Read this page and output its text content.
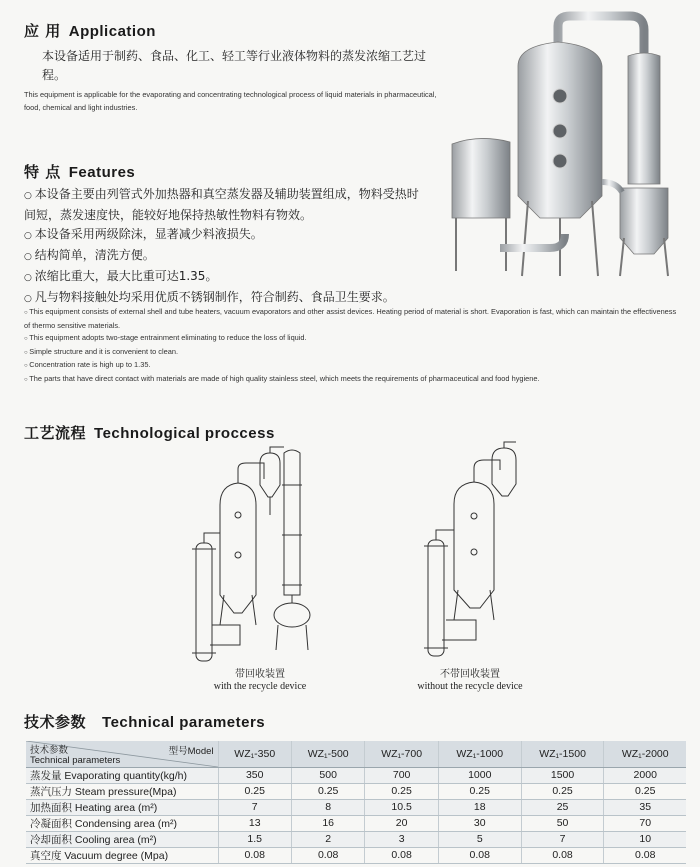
应 用 Application
本设备适用于制药、食品、化工、轻工等行业液体物料的蒸发浓缩工艺过程。
This equipment is applicable for the evaporating and concentrating technological process of liquid materials in pharmaceutical, food, chemical and light industries.
特 点 Features
○ 本设备主要由列管式外加热器和真空蒸发器及辅助装置组成，物料受热时间短，蒸发速度快，能较好地保持热敏性物料有物效。
○ 本设备采用两级除沫，显著减少料液损失。
○ 结构简单，清洗方便。
○ 浓缩比重大，最大比重可达1.35。
○ 凡与物料接触处均采用优质不锈钢制作，符合制药、食品卫生要求。
○ This equipment consists of external shell and tube heaters, vacuum evaporators and other assist devices. Heating period of material is short. Evaporation is fast, which can maintain the effectiveness of thermo sensitive materials.
○ This equipment adopts two-stage entrainment eliminating to reduce the loss of liquid.
○ Simple structure and it is convenient to clean.
○ Concentration rate is high up to 1.35.
○ The parts that have direct contact with materials are made of high quality stainless steel, which meets the requirements of pharmaceutical and food hygiene.
工艺流程 Technological proccess
带回收装置
with the recycle device
不带回收装置
without the recycle device
技术参数 Technical parameters
型号Model
技术参数
Technical parameters	WZ₁-350	WZ₁-500	WZ₁-700	WZ₁-1000	WZ₁-1500	WZ₁-2000
蒸发量 Evaporating quantity(kg/h)	350	500	700	1000	1500	2000
蒸汽压力 Steam pressure(Mpa)	0.25	0.25	0.25	0.25	0.25	0.25
加热面积 Heating area (m²)	7	8	10.5	18	25	35
冷凝面积 Condensing area (m²)	13	16	20	30	50	70
冷却面积 Cooling area (m²)	1.5	2	3	5	7	10
真空度 Vacuum degree (Mpa)	0.08	0.08	0.08	0.08	0.08	0.08
